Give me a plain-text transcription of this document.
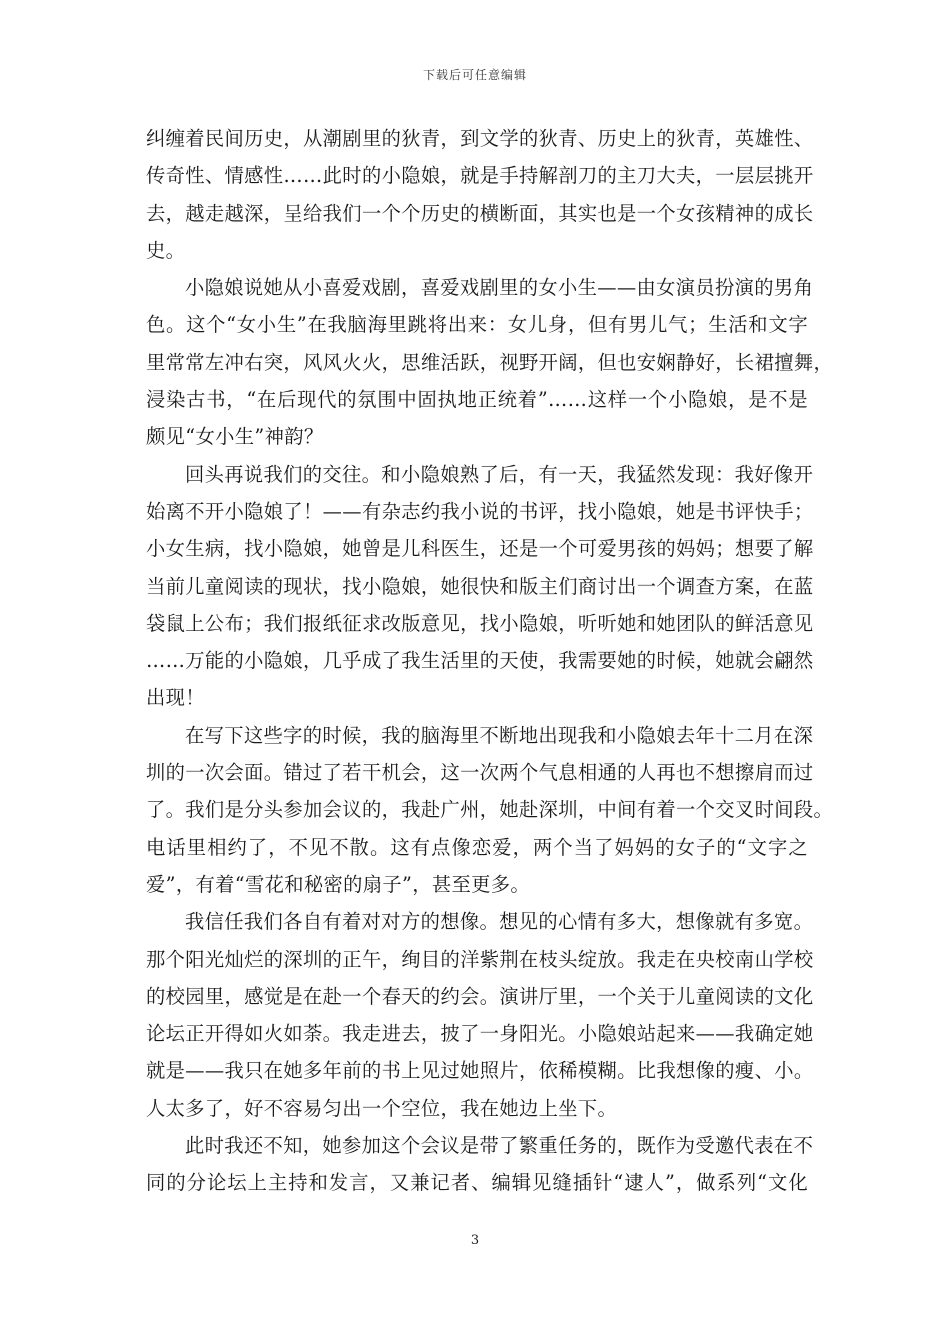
下载后可任意编辑

纠缠着民间历史，从潮剧里的狄青，到文学的狄青、历史上的狄青，英雄性、
传奇性、情感性……此时的小隐娘，就是手持解剖刀的主刀大夫，一层层挑开
去，越走越深，呈给我们一个个历史的横断面，其实也是一个女孩精神的成长
史。

小隐娘说她从小喜爱戏剧，喜爱戏剧里的女小生——由女演员扮演的男角
色。这个“女小生”在我脑海里跳将出来：女儿身，但有男儿气；生活和文字
里常常左冲右突，风风火火，思维活跃，视野开阔，但也安娴静好，长裙擅舞，
浸染古书，“在后现代的氛围中固执地正统着”……这样一个小隐娘，是不是
颇见“女小生”神韵？

回头再说我们的交往。和小隐娘熟了后，有一天，我猛然发现：我好像开
始离不开小隐娘了！——有杂志约我小说的书评，找小隐娘，她是书评快手；
小女生病，找小隐娘，她曾是儿科医生，还是一个可爱男孩的妈妈；想要了解
当前儿童阅读的现状，找小隐娘，她很快和版主们商讨出一个调查方案，在蓝
袋鼠上公布；我们报纸征求改版意见，找小隐娘，听听她和她团队的鲜活意见
……万能的小隐娘，几乎成了我生活里的天使，我需要她的时候，她就会翩然
出现！

在写下这些字的时候，我的脑海里不断地出现我和小隐娘去年十二月在深
圳的一次会面。错过了若干机会，这一次两个气息相通的人再也不想擦肩而过
了。我们是分头参加会议的，我赴广州，她赴深圳，中间有着一个交叉时间段。
电话里相约了，不见不散。这有点像恋爱，两个当了妈妈的女子的“文字之
爱”，有着“雪花和秘密的扇子”，甚至更多。

我信任我们各自有着对对方的想像。想见的心情有多大，想像就有多宽。
那个阳光灿烂的深圳的正午，绚目的洋紫荆在枝头绽放。我走在央校南山学校
的校园里，感觉是在赴一个春天的约会。演讲厅里，一个关于儿童阅读的文化
论坛正开得如火如荼。我走进去，披了一身阳光。小隐娘站起来——我确定她
就是——我只在她多年前的书上见过她照片，依稀模糊。比我想像的瘦、小。
人太多了，好不容易匀出一个空位，我在她边上坐下。

此时我还不知，她参加这个会议是带了繁重任务的，既作为受邀代表在不
同的分论坛上主持和发言，又兼记者、编辑见缝插针“逮人”，做系列“文化

3
